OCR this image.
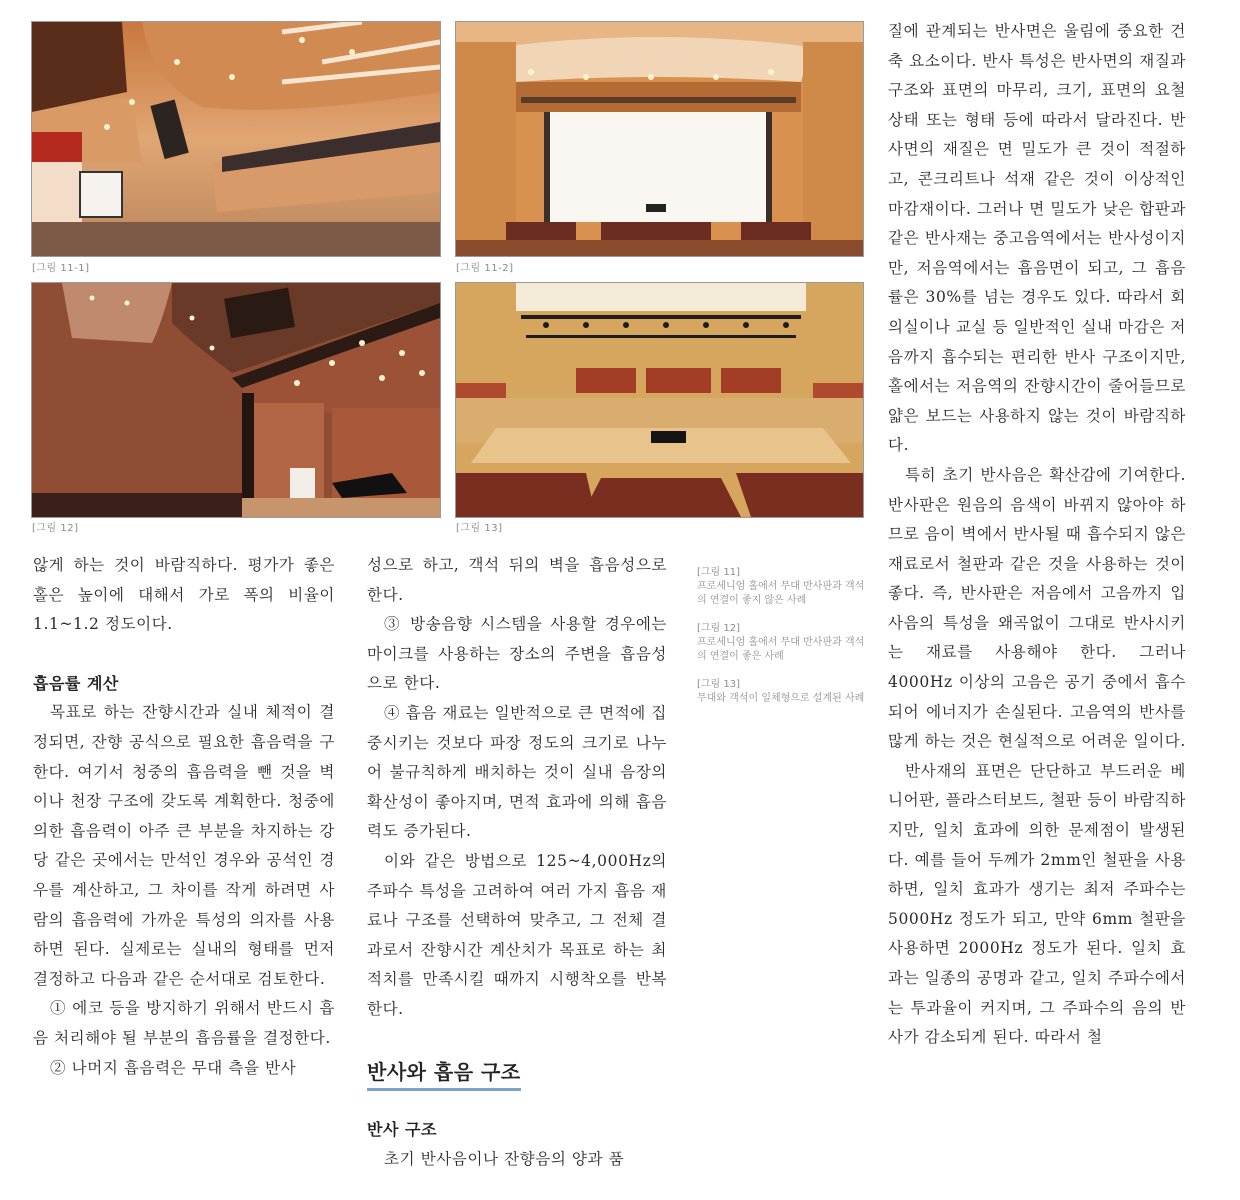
[그림 11-1]	[그림 11-2]
[그림 12]	[그림 13]

않게 하는 것이 바람직하다. 평가가 좋은 홀은 높이에 대해서 가로 폭의 비율이 1.1~1.2 정도이다.

흡음률 계산

목표로 하는 잔향시간과 실내 체적이 결정되면, 잔향 공식으로 필요한 흡음력을 구한다. 여기서 청중의 흡음력을 뺀 것을 벽이나 천장 구조에 갖도록 계획한다. 청중에 의한 흡음력이 아주 큰 부분을 차지하는 강당 같은 곳에서는 만석인 경우와 공석인 경우를 계산하고, 그 차이를 작게 하려면 사람의 흡음력에 가까운 특성의 의자를 사용하면 된다. 실제로는 실내의 형태를 먼저 결정하고 다음과 같은 순서대로 검토한다.

① 에코 등을 방지하기 위해서 반드시 흡음 처리해야 될 부분의 흡음률을 결정한다.

② 나머지 흡음력은 무대 측을 반사

성으로 하고, 객석 뒤의 벽을 흡음성으로 한다.

③ 방송음향 시스템을 사용할 경우에는 마이크를 사용하는 장소의 주변을 흡음성으로 한다.

④ 흡음 재료는 일반적으로 큰 면적에 집중시키는 것보다 파장 정도의 크기로 나누어 불규칙하게 배치하는 것이 실내 음장의 확산성이 좋아지며, 면적 효과에 의해 흡음력도 증가된다.

이와 같은 방법으로 125~4,000Hz의 주파수 특성을 고려하여 여러 가지 흡음 재료나 구조를 선택하여 맞추고, 그 전체 결과로서 잔향시간 계산치가 목표로 하는 최적치를 만족시킬 때까지 시행착오를 반복한다.

반사와 흡음 구조

반사 구조

초기 반사음이나 잔향음의 양과 품

[그림 11]
프로세니엄 홀에서 무대 반사판과 객석의 연결이 좋지 않은 사례
[그림 12]
프로세니엄 홀에서 무대 반사판과 객석의 연결이 좋은 사례
[그림 13]
무대와 객석이 일체형으로 설계된 사례

질에 관계되는 반사면은 울림에 중요한 건축 요소이다. 반사 특성은 반사면의 재질과 구조와 표면의 마무리, 크기, 표면의 요철 상태 또는 형태 등에 따라서 달라진다. 반사면의 재질은 면 밀도가 큰 것이 적절하고, 콘크리트나 석재 같은 것이 이상적인 마감재이다. 그러나 면 밀도가 낮은 합판과 같은 반사재는 중고음역에서는 반사성이지만, 저음역에서는 흡음면이 되고, 그 흡음률은 30%를 넘는 경우도 있다. 따라서 회의실이나 교실 등 일반적인 실내 마감은 저음까지 흡수되는 편리한 반사 구조이지만, 홀에서는 저음역의 잔향시간이 줄어들므로 얇은 보드는 사용하지 않는 것이 바람직하다.

특히 초기 반사음은 확산감에 기여한다. 반사판은 원음의 음색이 바뀌지 않아야 하므로 음이 벽에서 반사될 때 흡수되지 않은 재료로서 철판과 같은 것을 사용하는 것이 좋다. 즉, 반사판은 저음에서 고음까지 입사음의 특성을 왜곡없이 그대로 반사시키는 재료를 사용해야 한다. 그러나 4000Hz 이상의 고음은 공기 중에서 흡수되어 에너지가 손실된다. 고음역의 반사를 많게 하는 것은 현실적으로 어려운 일이다.

반사재의 표면은 단단하고 부드러운 베니어판, 플라스터보드, 철판 등이 바람직하지만, 일치 효과에 의한 문제점이 발생된다. 예를 들어 두께가 2mm인 철판을 사용하면, 일치 효과가 생기는 최저 주파수는 5000Hz 정도가 되고, 만약 6mm 철판을 사용하면 2000Hz 정도가 된다. 일치 효과는 일종의 공명과 같고, 일치 주파수에서는 투과율이 커지며, 그 주파수의 음의 반사가 감소되게 된다. 따라서 철
